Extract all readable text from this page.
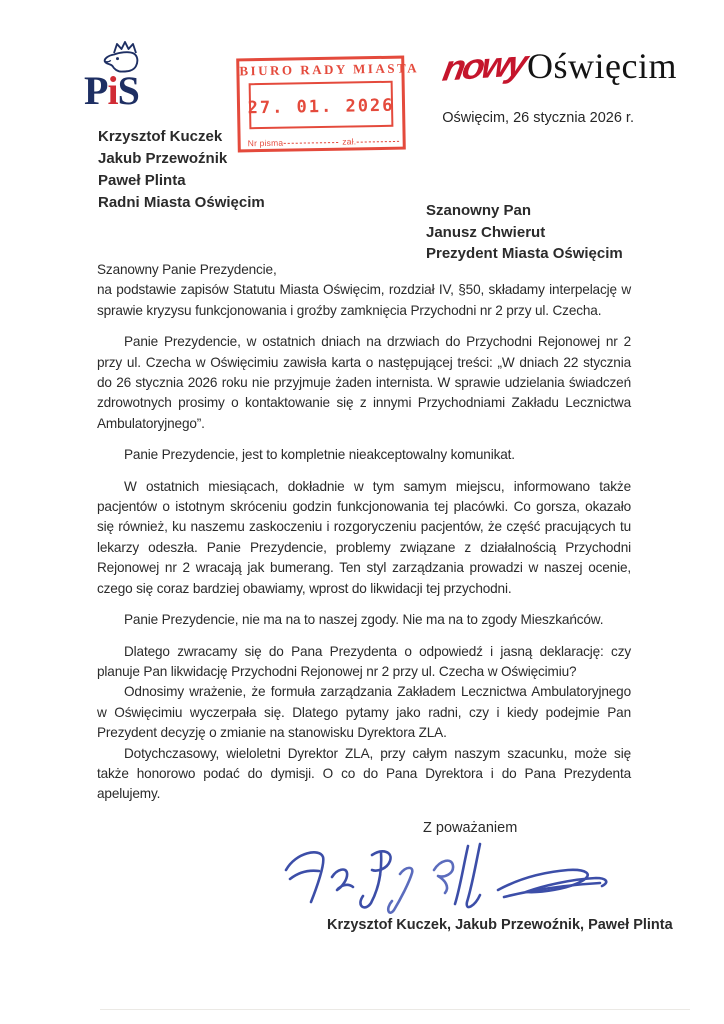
PiS	BIURO RADY MIASTA
27. 01. 2026
Nr pisma-------------- zał.-----------
nowy
Oświęcim
Oświęcim, 26 stycznia 2026 r.
Krzysztof Kuczek
Jakub Przewoźnik
Paweł Plinta
Radni Miasta Oświęcim	Szanowny Pan
Janusz Chwierut
Prezydent Miasta Oświęcim
Szanowny Panie Prezydencie,

na podstawie zapisów Statutu Miasta Oświęcim, rozdział IV, §50, składamy interpelację w sprawie kryzysu funkcjonowania i groźby zamknięcia Przychodni nr 2 przy ul. Czecha.

Panie Prezydencie, w ostatnich dniach na drzwiach do Przychodni Rejonowej nr 2 przy ul. Czecha w Oświęcimiu zawisła karta o następującej treści: „W dniach 22 stycznia do 26 stycznia 2026 roku nie przyjmuje żaden internista. W sprawie udzielania świadczeń zdrowotnych prosimy o kontaktowanie się z innymi Przychodniami Zakładu Lecznictwa Ambulatoryjnego”.

Panie Prezydencie, jest to kompletnie nieakceptowalny komunikat.

W ostatnich miesiącach, dokładnie w tym samym miejscu, informowano także pacjentów o istotnym skróceniu godzin funkcjonowania tej placówki. Co gorsza, okazało się również, ku naszemu zaskoczeniu i rozgoryczeniu pacjentów, że część pracujących tu lekarzy odeszła. Panie Prezydencie, problemy związane z działalnością Przychodni Rejonowej nr 2 wracają jak bumerang. Ten styl zarządzania prowadzi w naszej ocenie, czego się coraz bardziej obawiamy, wprost do likwidacji tej przychodni.

Panie Prezydencie, nie ma na to naszej zgody. Nie ma na to zgody Mieszkańców.

Dlatego zwracamy się do Pana Prezydenta o odpowiedź i jasną deklarację: czy planuje Pan likwidację Przychodni Rejonowej nr 2 przy ul. Czecha w Oświęcimiu?

Odnosimy wrażenie, że formuła zarządzania Zakładem Lecznictwa Ambulatoryjnego w Oświęcimiu wyczerpała się. Dlatego pytamy jako radni, czy i kiedy podejmie Pan Prezydent decyzję o zmianie na stanowisku Dyrektora ZLA.

Dotychczasowy, wieloletni Dyrektor ZLA, przy całym naszym szacunku, może się także honorowo podać do dymisji. O co do Pana Dyrektora i do Pana Prezydenta apelujemy.

Z poważaniem
Krzysztof Kuczek, Jakub Przewoźnik, Paweł Plinta
